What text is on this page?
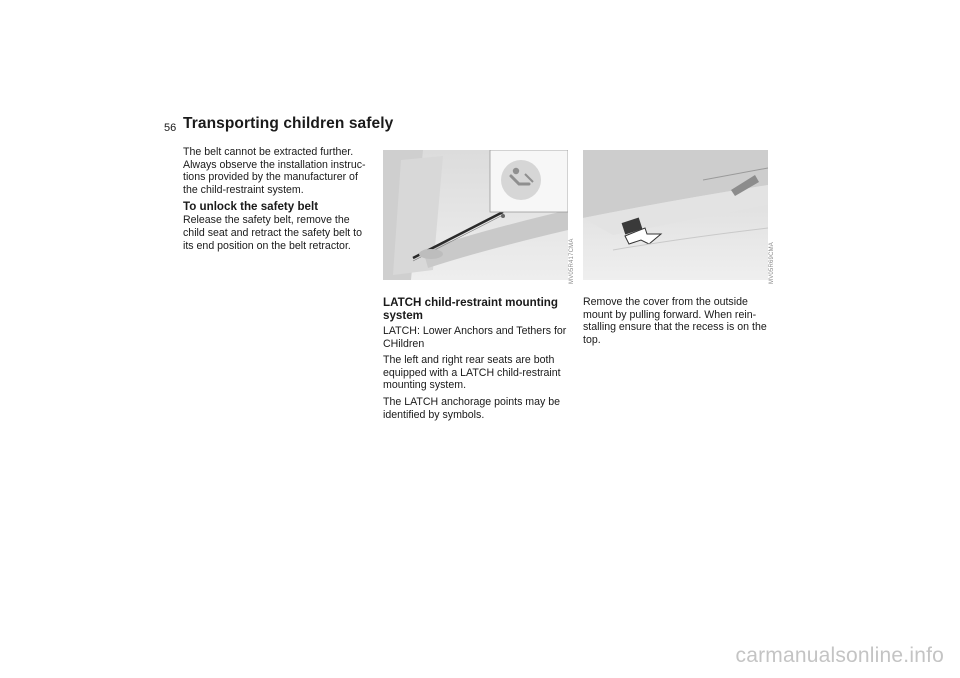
56 Transporting children safely

The belt cannot be extracted further. Always observe the installation instruc-tions provided by the manufacturer of the child-restraint system.

To unlock the safety belt

Release the safety belt, remove the child seat and retract the safety belt to its end position on the belt retractor.	MV05R417CMA	MV05R69CMA
LATCH child-restraint mounting system

LATCH: Lower Anchors and Tethers for CHildren

The left and right rear seats are both equipped with a LATCH child-restraint mounting system.

The LATCH anchorage points may be identified by symbols.

Remove the cover from the outside mount by pulling forward. When rein-stalling ensure that the recess is on the top.

carmanualsonline.info
